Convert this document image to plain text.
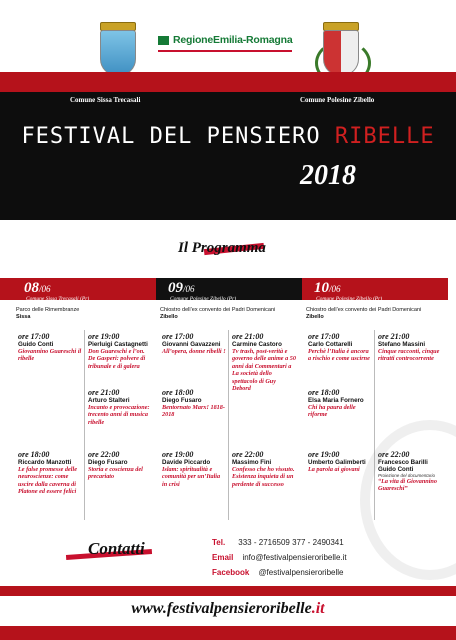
RegioneEmilia-Romagna
Comune Sissa Trecasali	Comune Polesine Zibello
FESTIVAL DEL PENSIERO RIBELLE
2018
Il Programma
08/06
Comune Sissa Trecasali (Pr)
Parco delle Rimembranze
Sissa
ore 17:00
Guido Conti
Giovannino Guareschi il ribelle
ore 18:00
Riccardo Manzotti
Le false promesse delle neuroscienze: come uscire dalla caverna di Platone ed essere felici
ore 19:00
Pierluigi Castagnetti
Don Guareschi e l’on. De Gasperi: polvere di tribunale e di galera
ore 21:00
Arturo Stalteri
Incanto e provocazione: trecento anni di musica ribelle
ore 22:00
Diego Fusaro
Storia e coscienza del precariato
09/06
Comune Polesine Zibello (Pr)
Chiostro dell’ex convento dei Padri Domenicani
Zibello
ore 17:00
Giovanni Gavazzeni
All’opera, donne ribelli !
ore 18:00
Diego Fusaro
Bentornato Marx! 1818-2018
ore 19:00
Davide Piccardo
Islam: spiritualità e comunità per un’Italia in crisi
ore 21:00
Carmine Castoro
Tv trash, post-verità e governo delle anime a 50 anni dai Commentari a La società dello spettacolo di Guy Debord
ore 22:00
Massimo Fini
Confesso che ho vissuto. Esistenza inquieta di un perdente di successo
10/06
Comune Polesine Zibello (Pr)
Chiostro dell’ex convento dei Padri Domenicani
Zibello
ore 17:00
Carlo Cottarelli
Perchè l’Italia è ancora a rischio e come uscirne
ore 18:00
Elsa Maria Fornero
Chi ha paura delle riforme
ore 19:00
Umberto Galimberti
La parola ai giovani
ore 21:00
Stefano Massini
Cinque racconti, cinque ritratti controcorrente
ore 22:00
Francesco Barilli Guido Conti
Proiezione del documentario
“La vita di Giovannino Guareschi”
Contatti	Tel. 333 - 2716509 377 - 2490341
Email info@festivalpensieroribelle.it
Facebook @festivalpensieroribelle
www.festivalpensieroribelle.it
